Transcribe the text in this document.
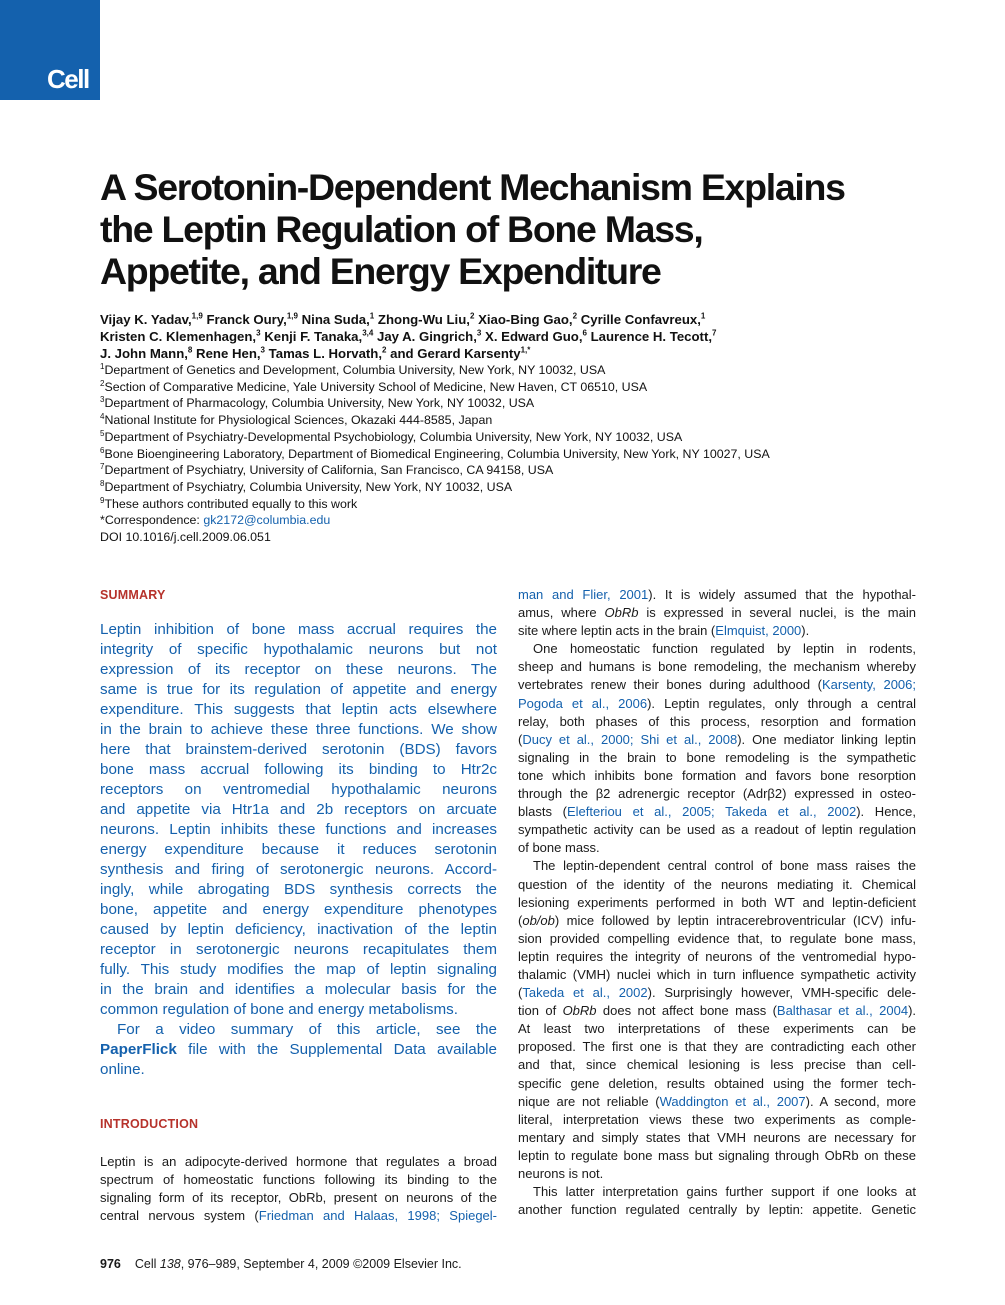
Cell
A Serotonin-Dependent Mechanism Explains
the Leptin Regulation of Bone Mass,
Appetite, and Energy Expenditure
Vijay K. Yadav,$^{1,9}$ Franck Oury,$^{1,9}$ Nina Suda,$^1$ Zhong-Wu Liu,$^2$ Xiao-Bing Gao,$^2$ Cyrille Confavreux,$^1$
Kristen C. Klemenhagen,$^3$ Kenji F. Tanaka,$^{3,4}$ Jay A. Gingrich,$^3$ X. Edward Guo,$^6$ Laurence H. Tecott,$^7$
J. John Mann,$^8$ Rene Hen,$^3$ Tamas L. Horvath,$^2$ and Gerard Karsenty$^{1,*}$
$^1$Department of Genetics and Development, Columbia University, New York, NY 10032, USA
$^2$Section of Comparative Medicine, Yale University School of Medicine, New Haven, CT 06510, USA
$^3$Department of Pharmacology, Columbia University, New York, NY 10032, USA
$^4$National Institute for Physiological Sciences, Okazaki 444-8585, Japan
$^5$Department of Psychiatry-Developmental Psychobiology, Columbia University, New York, NY 10032, USA
$^6$Bone Bioengineering Laboratory, Department of Biomedical Engineering, Columbia University, New York, NY 10027, USA
$^7$Department of Psychiatry, University of California, San Francisco, CA 94158, USA
$^8$Department of Psychiatry, Columbia University, New York, NY 10032, USA
$^9$These authors contributed equally to this work
*Correspondence: gk2172@columbia.edu
DOI 10.1016/j.cell.2009.06.051
SUMMARY
Leptin inhibition of bone mass accrual requires the
integrity of specific hypothalamic neurons but not
expression of its receptor on these neurons. The
same is true for its regulation of appetite and energy
expenditure. This suggests that leptin acts elsewhere
in the brain to achieve these three functions. We show
here that brainstem-derived serotonin (BDS) favors
bone mass accrual following its binding to Htr2c
receptors on ventromedial hypothalamic neurons
and appetite via Htr1a and 2b receptors on arcuate
neurons. Leptin inhibits these functions and increases
energy expenditure because it reduces serotonin
synthesis and firing of serotonergic neurons. Accord-
ingly, while abrogating BDS synthesis corrects the
bone, appetite and energy expenditure phenotypes
caused by leptin deficiency, inactivation of the leptin
receptor in serotonergic neurons recapitulates them
fully. This study modifies the map of leptin signaling
in the brain and identifies a molecular basis for the
common regulation of bone and energy metabolisms.
For a video summary of this article, see the
PaperFlick file with the Supplemental Data available
online.
INTRODUCTION
Leptin is an adipocyte-derived hormone that regulates a broad
spectrum of homeostatic functions following its binding to the
signaling form of its receptor, ObRb, present on neurons of the
central nervous system (Friedman and Halaas, 1998; Spiegel-
man and Flier, 2001). It is widely assumed that the hypothal-
amus, where ObRb is expressed in several nuclei, is the main
site where leptin acts in the brain (Elmquist, 2000).
One homeostatic function regulated by leptin in rodents,
sheep and humans is bone remodeling, the mechanism whereby
vertebrates renew their bones during adulthood (Karsenty, 2006;
Pogoda et al., 2006). Leptin regulates, only through a central
relay, both phases of this process, resorption and formation
(Ducy et al., 2000; Shi et al., 2008). One mediator linking leptin
signaling in the brain to bone remodeling is the sympathetic
tone which inhibits bone formation and favors bone resorption
through the β2 adrenergic receptor (Adrβ2) expressed in osteo-
blasts (Elefteriou et al., 2005; Takeda et al., 2002). Hence,
sympathetic activity can be used as a readout of leptin regulation
of bone mass.
The leptin-dependent central control of bone mass raises the
question of the identity of the neurons mediating it. Chemical
lesioning experiments performed in both WT and leptin-deficient
(ob/ob) mice followed by leptin intracerebroventricular (ICV) infu-
sion provided compelling evidence that, to regulate bone mass,
leptin requires the integrity of neurons of the ventromedial hypo-
thalamic (VMH) nuclei which in turn influence sympathetic activity
(Takeda et al., 2002). Surprisingly however, VMH-specific dele-
tion of ObRb does not affect bone mass (Balthasar et al., 2004).
At least two interpretations of these experiments can be
proposed. The first one is that they are contradicting each other
and that, since chemical lesioning is less precise than cell-
specific gene deletion, results obtained using the former tech-
nique are not reliable (Waddington et al., 2007). A second, more
literal, interpretation views these two experiments as comple-
mentary and simply states that VMH neurons are necessary for
leptin to regulate bone mass but signaling through ObRb on these
neurons is not.
This latter interpretation gains further support if one looks at
another function regulated centrally by leptin: appetite. Genetic
976 Cell 138, 976–989, September 4, 2009 ©2009 Elsevier Inc.
